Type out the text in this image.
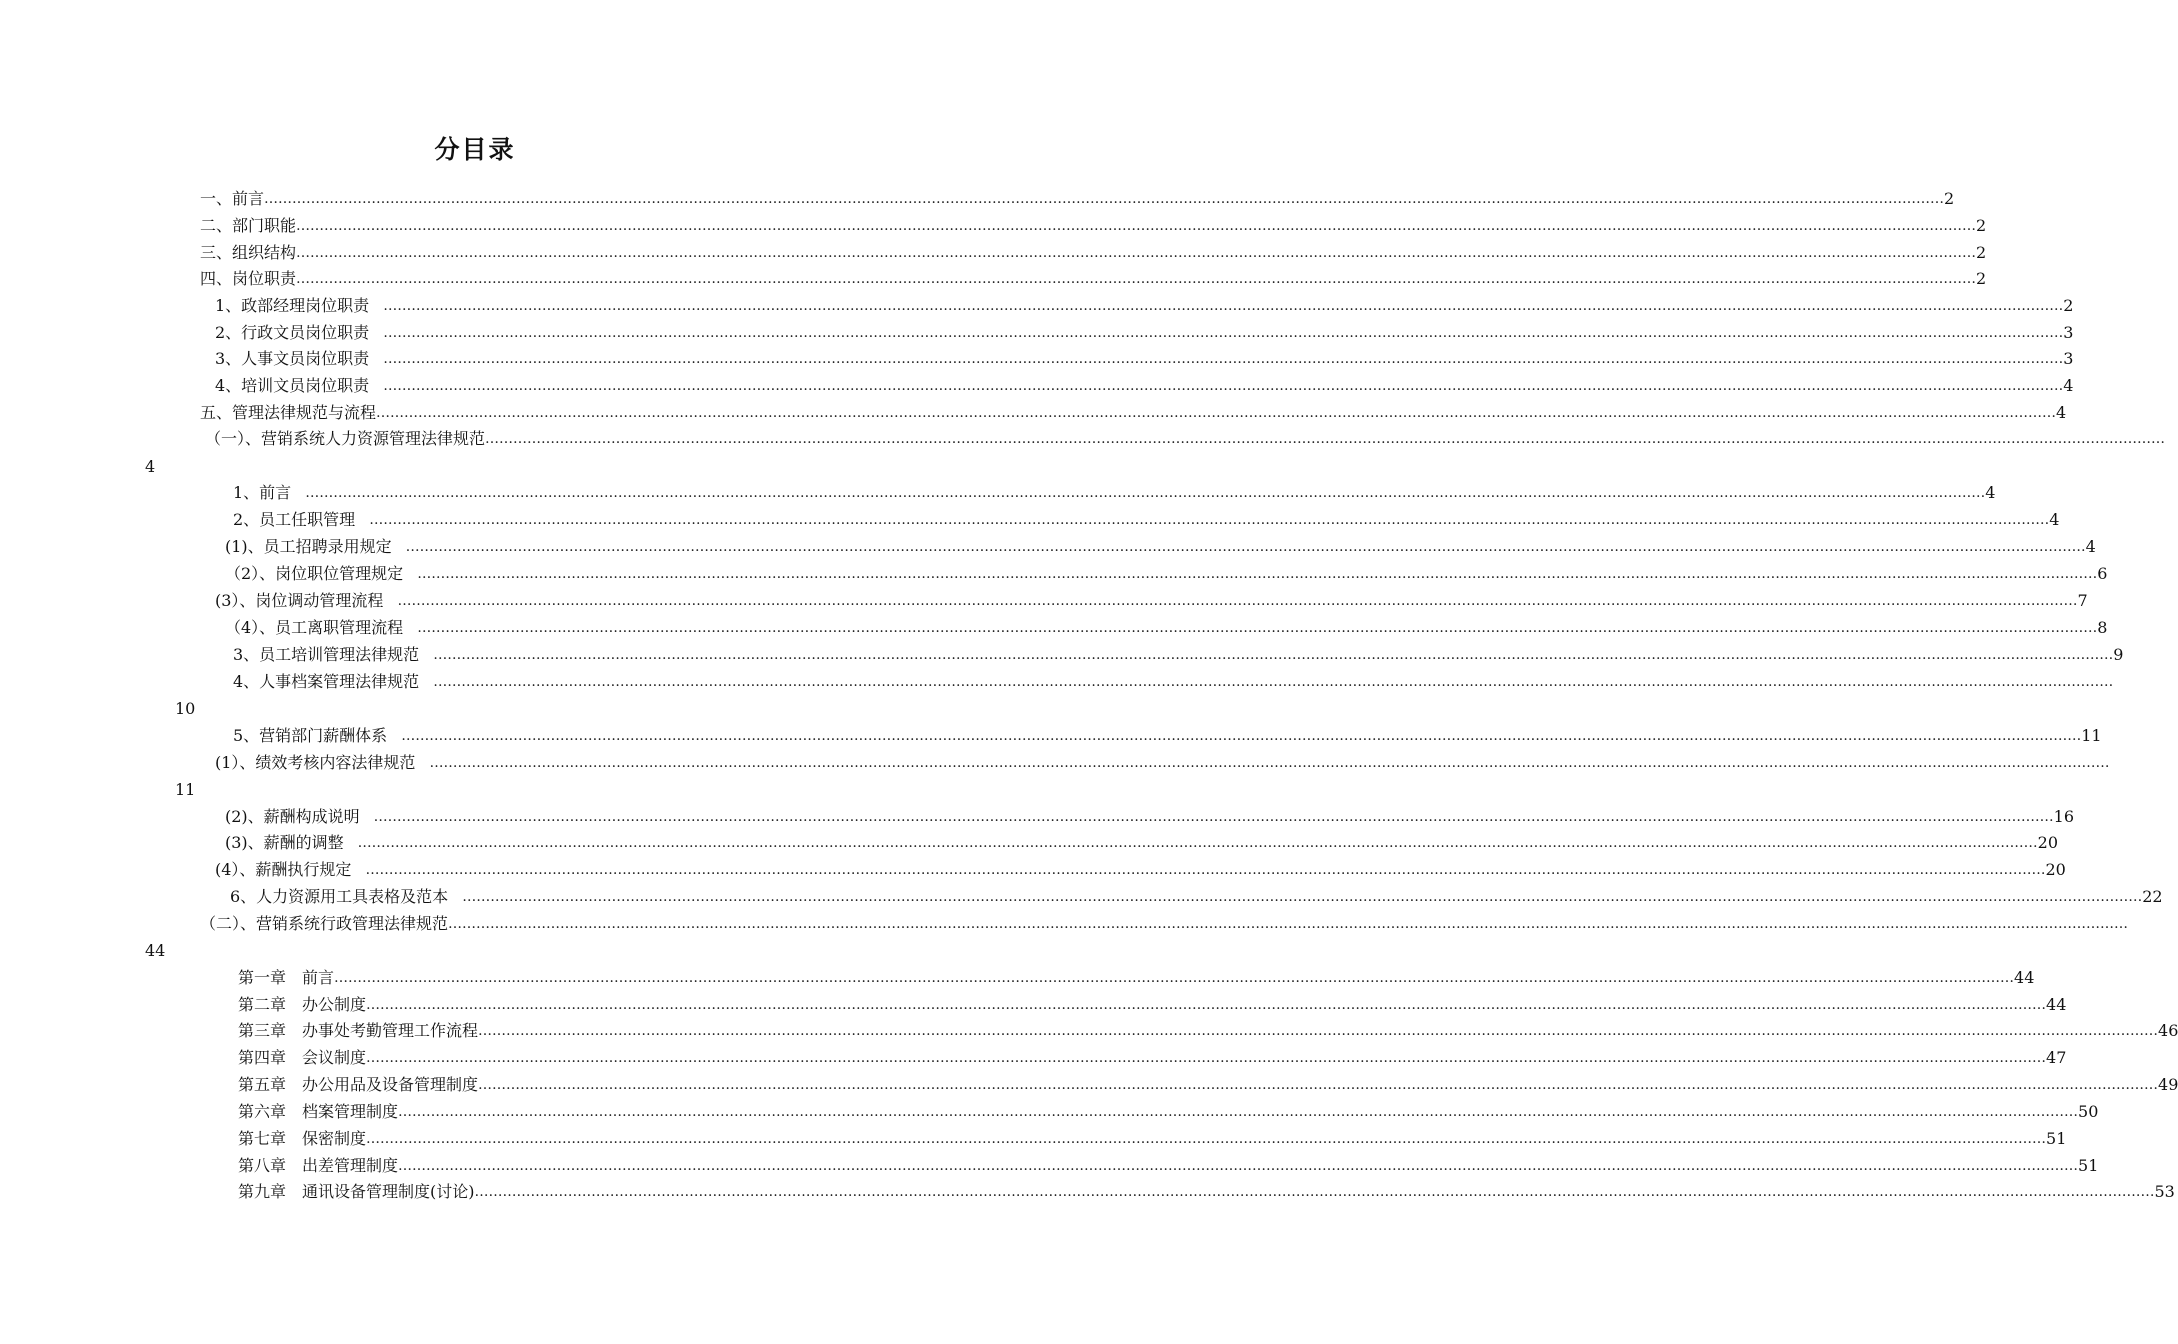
分目录
一、前言 ……………………………………………………………………………………………………………………………………………………………………………………………………………………………………………………………………………………………………………………………… 2
二、部门职能 ……………………………………………………………………………………………………………………………………………………………………………………………………………………………………………………………………………………………………………………………… 2
三、组织结构 ……………………………………………………………………………………………………………………………………………………………………………………………………………………………………………………………………………………………………………………………… 2
四、岗位职责 ……………………………………………………………………………………………………………………………………………………………………………………………………………………………………………………………………………………………………………………………… 2
1、政部经理岗位职责 ……………………………………………………………………………………………………………………………………………………………………………………………………………………………………………………………………………………………………………………………… 2
2、行政文员岗位职责 ……………………………………………………………………………………………………………………………………………………………………………………………………………………………………………………………………………………………………………………………… 3
3、人事文员岗位职责 ……………………………………………………………………………………………………………………………………………………………………………………………………………………………………………………………………………………………………………………………… 3
4、培训文员岗位职责 ……………………………………………………………………………………………………………………………………………………………………………………………………………………………………………………………………………………………………………………………… 4
五、管理法律规范与流程 ……………………………………………………………………………………………………………………………………………………………………………………………………………………………………………………………………………………………………………………………… 4
（一）、营销系统人力资源管理法律规范 ………………………………………………………………………………………………………………………………………………………………………………………………………………………………………………………………………………………………………………………………
4
1、前言 ……………………………………………………………………………………………………………………………………………………………………………………………………………………………………………………………………………………………………………………………… 4
2、员工任职管理 ……………………………………………………………………………………………………………………………………………………………………………………………………………………………………………………………………………………………………………………………… 4
(1)、员工招聘录用规定 ……………………………………………………………………………………………………………………………………………………………………………………………………………………………………………………………………………………………………………………………… 4
（2）、岗位职位管理规定 ……………………………………………………………………………………………………………………………………………………………………………………………………………………………………………………………………………………………………………………………… 6
(3）、岗位调动管理流程 ……………………………………………………………………………………………………………………………………………………………………………………………………………………………………………………………………………………………………………………………… 7
（4）、员工离职管理流程 ……………………………………………………………………………………………………………………………………………………………………………………………………………………………………………………………………………………………………………………………… 8
3、员工培训管理法律规范 ……………………………………………………………………………………………………………………………………………………………………………………………………………………………………………………………………………………………………………………………… 9
4、人事档案管理法律规范 ………………………………………………………………………………………………………………………………………………………………………………………………………………………………………………………………………………………………………………………………
10
5、营销部门薪酬体系 ……………………………………………………………………………………………………………………………………………………………………………………………………………………………………………………………………………………………………………………………… 11
(1）、绩效考核内容法律规范 ………………………………………………………………………………………………………………………………………………………………………………………………………………………………………………………………………………………………………………………………
11
(2)、薪酬构成说明 ……………………………………………………………………………………………………………………………………………………………………………………………………………………………………………………………………………………………………………………………… 16
(3)、薪酬的调整 ……………………………………………………………………………………………………………………………………………………………………………………………………………………………………………………………………………………………………………………………… 20
(4）、薪酬执行规定 ……………………………………………………………………………………………………………………………………………………………………………………………………………………………………………………………………………………………………………………………… 20
6、人力资源用工具表格及范本 ……………………………………………………………………………………………………………………………………………………………………………………………………………………………………………………………………………………………………………………………… 22
（二）、营销系统行政管理法律规范 ………………………………………………………………………………………………………………………………………………………………………………………………………………………………………………………………………………………………………………………………
44
第一章　前言 ……………………………………………………………………………………………………………………………………………………………………………………………………………………………………………………………………………………………………………………………… 44
第二章　办公制度 ……………………………………………………………………………………………………………………………………………………………………………………………………………………………………………………………………………………………………………………………… 44
第三章　办事处考勤管理工作流程 ……………………………………………………………………………………………………………………………………………………………………………………………………………………………………………………………………………………………………………………………… 46
第四章　会议制度 ……………………………………………………………………………………………………………………………………………………………………………………………………………………………………………………………………………………………………………………………… 47
第五章　办公用品及设备管理制度 ……………………………………………………………………………………………………………………………………………………………………………………………………………………………………………………………………………………………………………………………… 49
第六章　档案管理制度 ……………………………………………………………………………………………………………………………………………………………………………………………………………………………………………………………………………………………………………………………… 50
第七章　保密制度 ……………………………………………………………………………………………………………………………………………………………………………………………………………………………………………………………………………………………………………………………… 51
第八章　出差管理制度 ……………………………………………………………………………………………………………………………………………………………………………………………………………………………………………………………………………………………………………………………… 51
第九章　通讯设备管理制度(讨论) ……………………………………………………………………………………………………………………………………………………………………………………………………………………………………………………………………………………………………………………………… 53
